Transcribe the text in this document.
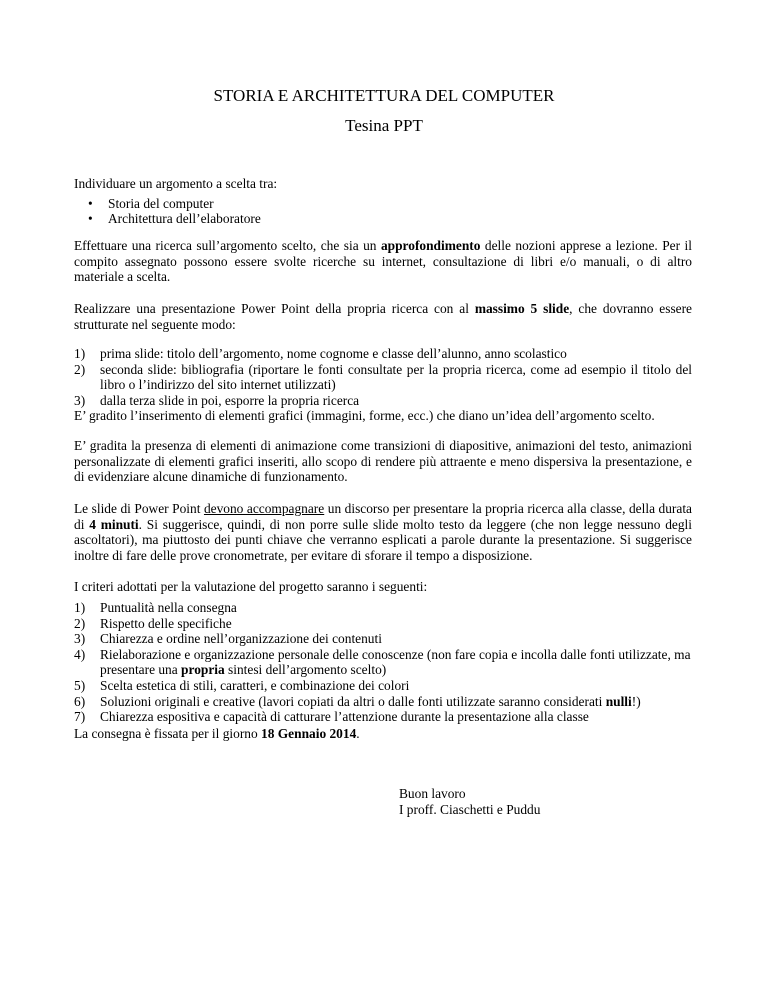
STORIA E ARCHITETTURA DEL COMPUTER
Tesina PPT

Individuare un argomento a scelta tra:

• Storia del computer
• Architettura dell’elaboratore

Effettuare una ricerca sull’argomento scelto, che sia un approfondimento delle nozioni apprese a lezione. Per il compito assegnato possono essere svolte ricerche su internet, consultazione di libri e/o manuali, o di altro materiale a scelta.

Realizzare una presentazione Power Point della propria ricerca con al massimo 5 slide, che dovranno essere strutturate nel seguente modo:

1) prima slide: titolo dell’argomento, nome cognome e classe dell’alunno, anno scolastico
2) seconda slide: bibliografia (riportare le fonti consultate per la propria ricerca, come ad esempio il titolo del libro o l’indirizzo del sito internet utilizzati)
3) dalla terza slide in poi, esporre la propria ricerca

E’ gradito l’inserimento di elementi grafici (immagini, forme, ecc.) che diano un’idea dell’argomento scelto.

E’ gradita la presenza di elementi di animazione come transizioni di diapositive, animazioni del testo, animazioni personalizzate di elementi grafici inseriti, allo scopo di rendere più attraente e meno dispersiva la presentazione, e di evidenziare alcune dinamiche di funzionamento.

Le slide di Power Point devono accompagnare un discorso per presentare la propria ricerca alla classe, della durata di 4 minuti. Si suggerisce, quindi, di non porre sulle slide molto testo da leggere (che non legge nessuno degli ascoltatori), ma piuttosto dei punti chiave che verranno esplicati a parole durante la presentazione. Si suggerisce inoltre di fare delle prove cronometrate, per evitare di sforare il tempo a disposizione.

I criteri adottati per la valutazione del progetto saranno i seguenti:

1) Puntualità nella consegna
2) Rispetto delle specifiche
3) Chiarezza e ordine nell’organizzazione dei contenuti
4) Rielaborazione e organizzazione personale delle conoscenze (non fare copia e incolla dalle fonti utilizzate, ma presentare una propria sintesi dell’argomento scelto)
5) Scelta estetica di stili, caratteri, e combinazione dei colori
6) Soluzioni originali e creative (lavori copiati da altri o dalle fonti utilizzate saranno considerati nulli!)
7) Chiarezza espositiva e capacità di catturare l’attenzione durante la presentazione alla classe

La consegna è fissata per il giorno 18 Gennaio 2014.

Buon lavoro

I proff. Ciaschetti e Puddu
